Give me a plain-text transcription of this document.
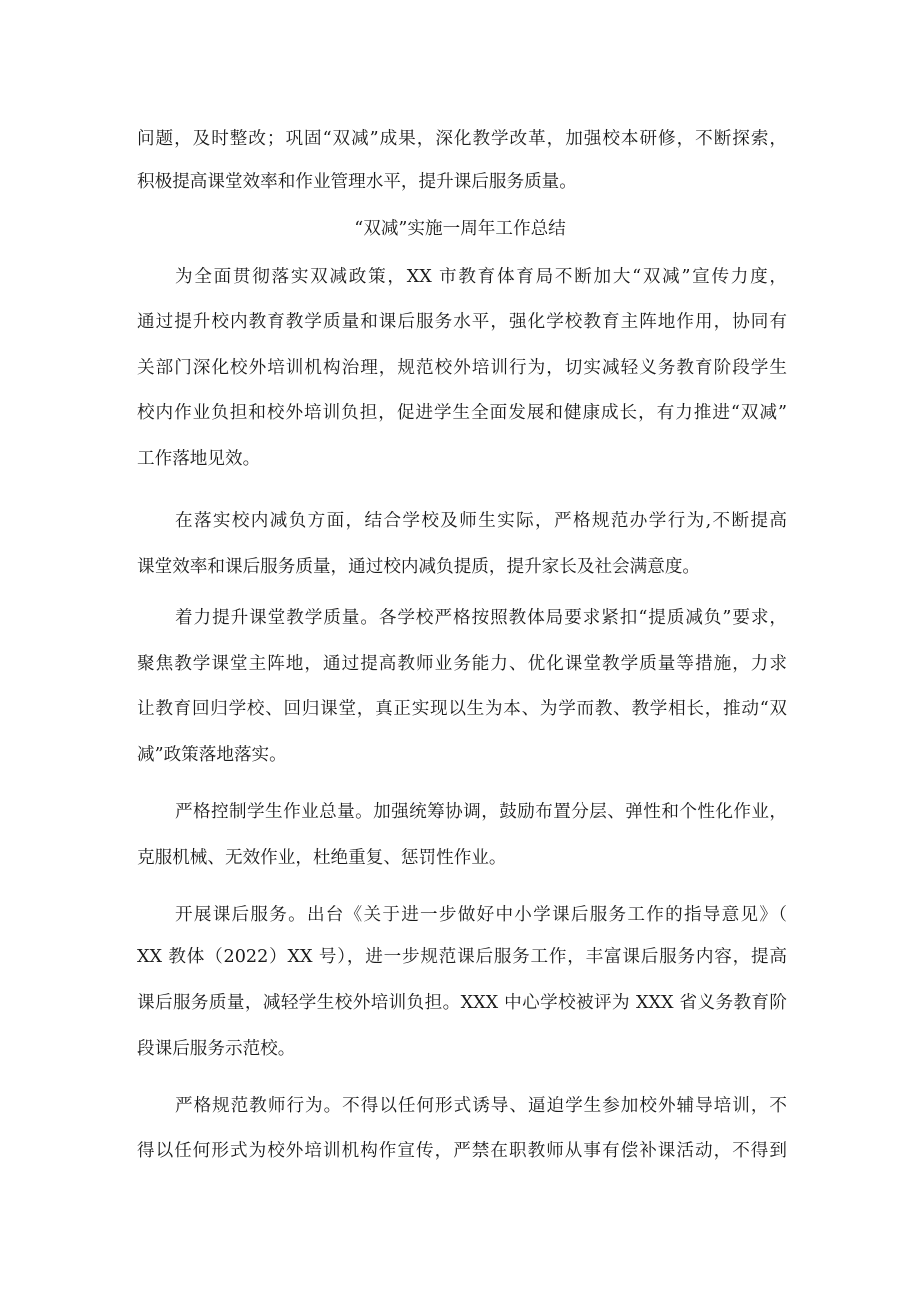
问题，及时整改；巩固“双减”成果，深化教学改革，加强校本研修，不断探索，
积极提高课堂效率和作业管理水平，提升课后服务质量。
“双减”实施一周年工作总结
为全面贯彻落实双减政策，XX 市教育体育局不断加大“双减”宣传力度，
通过提升校内教育教学质量和课后服务水平，强化学校教育主阵地作用，协同有
关部门深化校外培训机构治理，规范校外培训行为，切实减轻义务教育阶段学生
校内作业负担和校外培训负担，促进学生全面发展和健康成长，有力推进“双减”
工作落地见效。
在落实校内减负方面，结合学校及师生实际，严格规范办学行为,不断提高
课堂效率和课后服务质量，通过校内减负提质，提升家长及社会满意度。
着力提升课堂教学质量。各学校严格按照教体局要求紧扣“提质减负”要求，
聚焦教学课堂主阵地，通过提高教师业务能力、优化课堂教学质量等措施，力求
让教育回归学校、回归课堂，真正实现以生为本、为学而教、教学相长，推动“双
减”政策落地落实。
严格控制学生作业总量。加强统筹协调，鼓励布置分层、弹性和个性化作业，
克服机械、无效作业，杜绝重复、惩罚性作业。
开展课后服务。出台《关于进一步做好中小学课后服务工作的指导意见》（
XX 教体（2022）XX 号），进一步规范课后服务工作，丰富课后服务内容，提高
课后服务质量，减轻学生校外培训负担。XXX 中心学校被评为 XXX 省义务教育阶
段课后服务示范校。
严格规范教师行为。不得以任何形式诱导、逼迫学生参加校外辅导培训，不
得以任何形式为校外培训机构作宣传，严禁在职教师从事有偿补课活动，不得到
